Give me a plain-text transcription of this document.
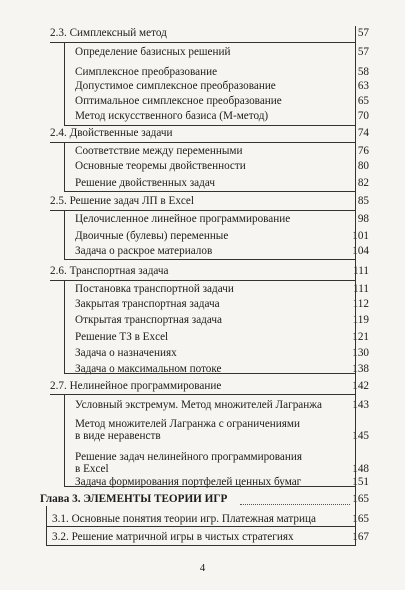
2.3. Симплексный метод	57
Определение базисных решений	57
Симплексное преобразование	58
Допустимое симплексное преобразование	63
Оптимальное симплексное преобразование	65
Метод искусственного базиса (М-метод)	70
2.4. Двойственные задачи	74
Соответствие между переменными	76
Основные теоремы двойственности	80
Решение двойственных задач	82
2.5. Решение задач ЛП в Excel	85
Целочисленное линейное программирование	98
Двоичные (булевы) переменные	101
Задача о раскрое материалов	104
2.6. Транспортная задача	111
Постановка транспортной задачи	111
Закрытая транспортная задача	112
Открытая транспортная задача	119
Решение ТЗ в Excel	121
Задача о назначениях	130
Задача о максимальном потоке	138
2.7. Нелинейное программирование	142
Условный экстремум. Метод множителей Лагранжа	143
Метод множителей Лагранжа с ограничениями
в виде неравенств	145
Решение задач нелинейного программирования
в Excel	148
Задача формирования портфелей ценных бумаг	151
Глава 3. ЭЛЕМЕНТЫ ТЕОРИИ ИГР	165
3.1. Основные понятия теории игр. Платежная матрица	165
3.2. Решение матричной игры в чистых стратегиях	167
4
